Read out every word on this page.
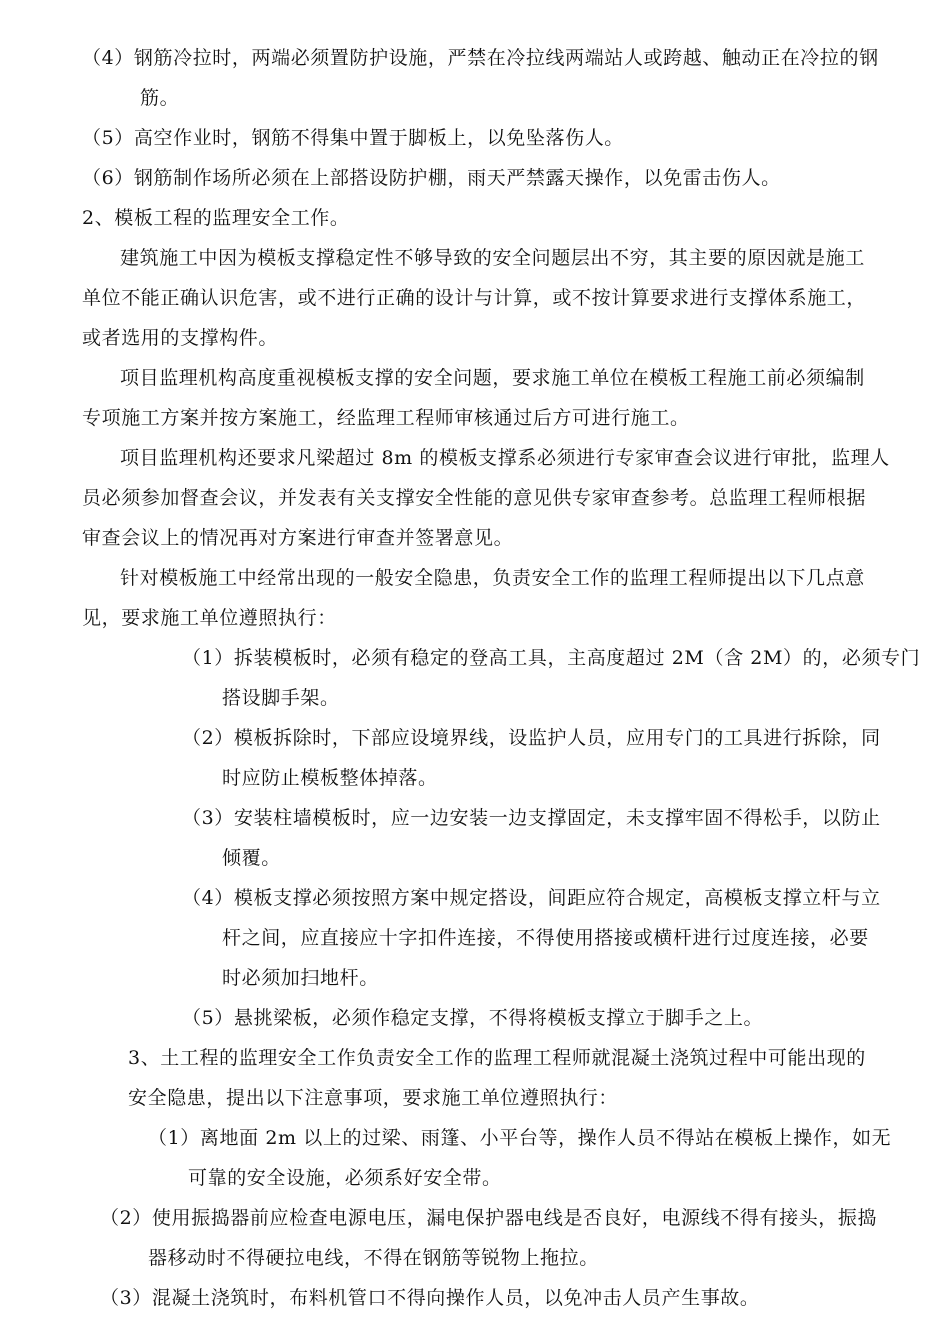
（4）钢筋冷拉时，两端必须置防护设施，严禁在冷拉线两端站人或跨越、触动正在冷拉的钢
筋。
（5）高空作业时，钢筋不得集中置于脚板上，以免坠落伤人。
（6）钢筋制作场所必须在上部搭设防护棚，雨天严禁露天操作，以免雷击伤人。
2、模板工程的监理安全工作。
建筑施工中因为模板支撑稳定性不够导致的安全问题层出不穷，其主要的原因就是施工
单位不能正确认识危害，或不进行正确的设计与计算，或不按计算要求进行支撑体系施工，
或者选用的支撑构件。
项目监理机构高度重视模板支撑的安全问题，要求施工单位在模板工程施工前必须编制
专项施工方案并按方案施工，经监理工程师审核通过后方可进行施工。
项目监理机构还要求凡梁超过 8m 的模板支撑系必须进行专家审查会议进行审批，监理人
员必须参加督查会议，并发表有关支撑安全性能的意见供专家审查参考。总监理工程师根据
审查会议上的情况再对方案进行审查并签署意见。
针对模板施工中经常出现的一般安全隐患，负责安全工作的监理工程师提出以下几点意
见，要求施工单位遵照执行：
（1）拆装模板时，必须有稳定的登高工具，主高度超过 2M（含 2M）的，必须专门
搭设脚手架。
（2）模板拆除时，下部应设境界线，设监护人员，应用专门的工具进行拆除，同
时应防止模板整体掉落。
（3）安装柱墙模板时，应一边安装一边支撑固定，未支撑牢固不得松手，以防止
倾覆。
（4）模板支撑必须按照方案中规定搭设，间距应符合规定，高模板支撑立杆与立
杆之间，应直接应十字扣件连接，不得使用搭接或横杆进行过度连接，必要
时必须加扫地杆。
（5）悬挑梁板，必须作稳定支撑，不得将模板支撑立于脚手之上。
3、土工程的监理安全工作负责安全工作的监理工程师就混凝土浇筑过程中可能出现的
安全隐患，提出以下注意事项，要求施工单位遵照执行：
（1）离地面 2m 以上的过梁、雨篷、小平台等，操作人员不得站在模板上操作，如无
可靠的安全设施，必须系好安全带。
（2）使用振捣器前应检查电源电压，漏电保护器电线是否良好，电源线不得有接头，振捣
器移动时不得硬拉电线，不得在钢筋等锐物上拖拉。
（3）混凝土浇筑时，布料机管口不得向操作人员，以免冲击人员产生事故。
